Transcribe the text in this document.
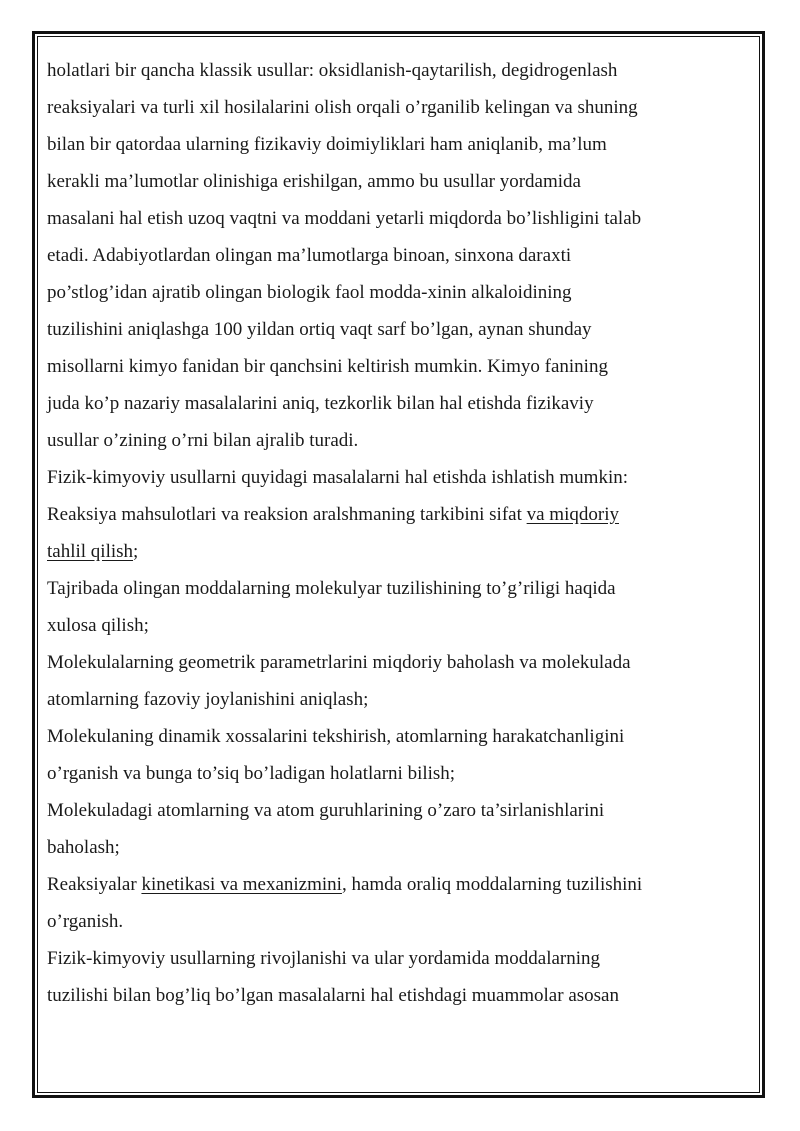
holatlari bir qancha klassik usullar: oksidlanish-qaytarilish, degidrogenlash
reaksiyalari va turli xil hosilalarini olish orqali o’rganilib kelingan va shuning
bilan bir qatordaa ularning fizikaviy doimiyliklari ham aniqlanib, ma’lum
kerakli ma’lumotlar olinishiga erishilgan, ammo bu usullar yordamida
masalani hal etish uzoq vaqtni va moddani yetarli miqdorda bo’lishligini talab
etadi. Adabiyotlardan olingan ma’lumotlarga binoan, sinxona daraxti
po’stlog’idan ajratib olingan biologik faol modda-xinin alkaloidining
tuzilishini aniqlashga 100 yildan ortiq vaqt sarf bo’lgan, aynan shunday
misollarni kimyo fanidan bir qanchsini keltirish mumkin. Kimyo fanining
juda ko’p nazariy masalalarini aniq, tezkorlik bilan hal etishda fizikaviy
usullar o’zining o’rni bilan ajralib turadi.
Fizik-kimyoviy usullarni quyidagi masalalarni hal etishda ishlatish mumkin:
Reaksiya mahsulotlari va reaksion aralshmaning tarkibini sifat va miqdoriy
tahlil qilish;
Tajribada olingan moddalarning molekulyar tuzilishining to’g’riligi haqida
xulosa qilish;
Molekulalarning geometrik parametrlarini miqdoriy baholash va molekulada
atomlarning fazoviy joylanishini aniqlash;
Molekulaning dinamik xossalarini tekshirish, atomlarning harakatchanligini
o’rganish va bunga to’siq bo’ladigan holatlarni bilish;
Molekuladagi atomlarning va atom guruhlarining o’zaro ta’sirlanishlarini
baholash;
Reaksiyalar kinetikasi va mexanizmini, hamda oraliq moddalarning tuzilishini
o’rganish.
Fizik-kimyoviy usullarning rivojlanishi va ular yordamida moddalarning
tuzilishi bilan bog’liq bo’lgan masalalarni hal etishdagi muammolar asosan
